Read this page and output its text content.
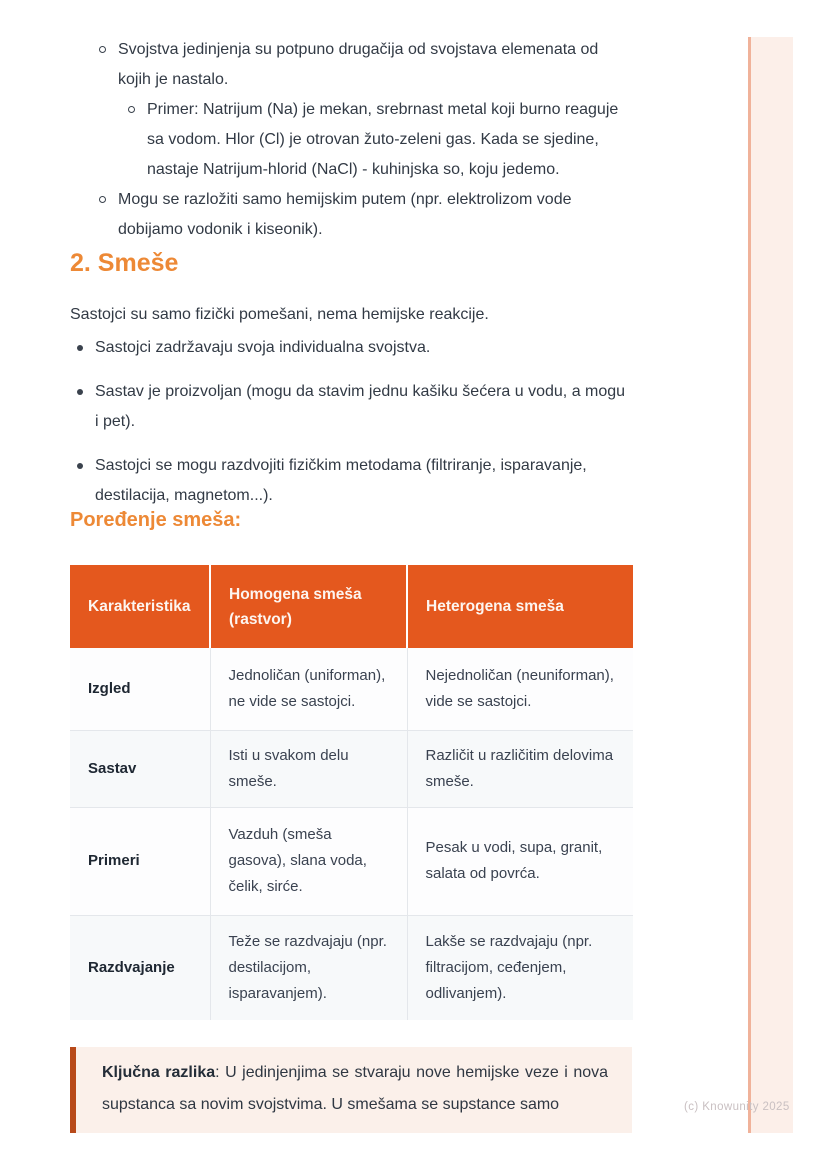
Svojstva jedinjenja su potpuno drugačija od svojstava elemenata od kojih je nastalo.
Primer: Natrijum (Na) je mekan, srebrnast metal koji burno reaguje sa vodom. Hlor (Cl) je otrovan žuto-zeleni gas. Kada se sjedine, nastaje Natrijum-hlorid (NaCl) - kuhinjska so, koju jedemo.
Mogu se razložiti samo hemijskim putem (npr. elektrolizom vode dobijamo vodonik i kiseonik).
2. Smeše

Sastojci su samo fizički pomešani, nema hemijske reakcije.

Sastojci zadržavaju svoja individualna svojstva.
Sastav je proizvoljan (mogu da stavim jednu kašiku šećera u vodu, a mogu i pet).
Sastojci se mogu razdvojiti fizičkim metodama (filtriranje, isparavanje, destilacija, magnetom...).
Poređenje smeša:
Karakteristika	Homogena smeša (rastvor)	Heterogena smeša
Izgled	Jednoličan (uniforman), ne vide se sastojci.	Nejednoličan (neuniforman), vide se sastojci.
Sastav	Isti u svakom delu smeše.	Različit u različitim delovima smeše.
Primeri	Vazduh (smeša gasova), slana voda, čelik, sirće.	Pesak u vodi, supa, granit, salata od povrća.
Razdvajanje	Teže se razdvajaju (npr. destilacijom, isparavanjem).	Lakše se razdvajaju (npr. filtracijom, ceđenjem, odlivanjem).

Ključna razlika: U jedinjenjima se stvaraju nove hemijske veze i nova supstanca sa novim svojstvima. U smešama se supstance samo	(c) Knowunity 2025
